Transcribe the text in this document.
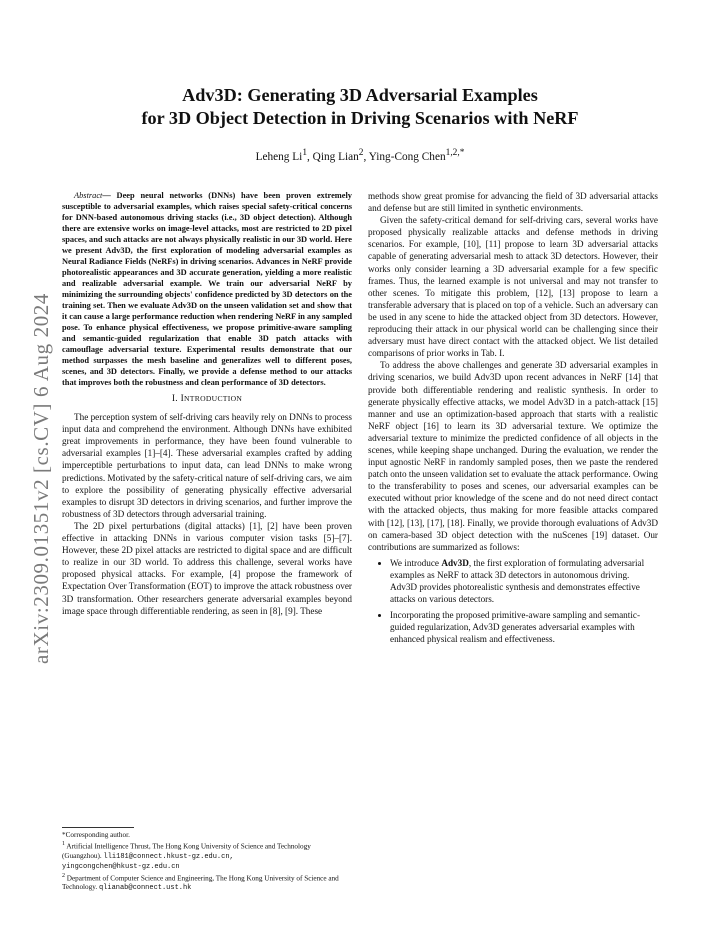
arXiv:2309.01351v2 [cs.CV] 6 Aug 2024
Adv3D: Generating 3D Adversarial Examples
for 3D Object Detection in Driving Scenarios with NeRF
Leheng Li$^1$, Qing Lian$^2$, Ying-Cong Chen$^{1,2,*}$

Abstract— Deep neural networks (DNNs) have been proven extremely susceptible to adversarial examples, which raises special safety-critical concerns for DNN-based autonomous driving stacks (i.e., 3D object detection). Although there are extensive works on image-level attacks, most are restricted to 2D pixel spaces, and such attacks are not always physically realistic in our 3D world. Here we present Adv3D, the first exploration of modeling adversarial examples as Neural Radiance Fields (NeRFs) in driving scenarios. Advances in NeRF provide photorealistic appearances and 3D accurate generation, yielding a more realistic and realizable adversarial example. We train our adversarial NeRF by minimizing the surrounding objects' confidence predicted by 3D detectors on the training set. Then we evaluate Adv3D on the unseen validation set and show that it can cause a large performance reduction when rendering NeRF in any sampled pose. To enhance physical effectiveness, we propose primitive-aware sampling and semantic-guided regularization that enable 3D patch attacks with camouflage adversarial texture. Experimental results demonstrate that our method surpasses the mesh baseline and generalizes well to different poses, scenes, and 3D detectors. Finally, we provide a defense method to our attacks that improves both the robustness and clean performance of 3D detectors.

I. INTRODUCTION

The perception system of self-driving cars heavily rely on DNNs to process input data and comprehend the environment. Although DNNs have exhibited great improvements in performance, they have been found vulnerable to adversarial examples [1]–[4]. These adversarial examples crafted by adding imperceptible perturbations to input data, can lead DNNs to make wrong predictions. Motivated by the safety-critical nature of self-driving cars, we aim to explore the possibility of generating physically effective adversarial examples to disrupt 3D detectors in driving scenarios, and further improve the robustness of 3D detectors through adversarial training.

The 2D pixel perturbations (digital attacks) [1], [2] have been proven effective in attacking DNNs in various computer vision tasks [5]–[7]. However, these 2D pixel attacks are restricted to digital space and are difficult to realize in our 3D world. To address this challenge, several works have proposed physical attacks. For example, [4] propose the framework of Expectation Over Transformation (EOT) to improve the attack robustness over 3D transformation. Other researchers generate adversarial examples beyond image space through differentiable rendering, as seen in [8], [9]. These

*Corresponding author.
$^1$ Artificial Intelligence Thrust, The Hong Kong University of Science and Technology (Guangzhou). lli181@connect.hkust-gz.edu.cn,
yingcongchen@hkust-gz.edu.cn
$^2$ Department of Computer Science and Engineering, The Hong Kong University of Science and Technology. qlianab@connect.ust.hk

methods show great promise for advancing the field of 3D adversarial attacks and defense but are still limited in synthetic environments.

Given the safety-critical demand for self-driving cars, several works have proposed physically realizable attacks and defense methods in driving scenarios. For example, [10], [11] propose to learn 3D adversarial attacks capable of generating adversarial mesh to attack 3D detectors. However, their works only consider learning a 3D adversarial example for a few specific frames. Thus, the learned example is not universal and may not transfer to other scenes. To mitigate this problem, [12], [13] propose to learn a transferable adversary that is placed on top of a vehicle. Such an adversary can be used in any scene to hide the attacked object from 3D detectors. However, reproducing their attack in our physical world can be challenging since their adversary must have direct contact with the attacked object. We list detailed comparisons of prior works in Tab. I.

To address the above challenges and generate 3D adversarial examples in driving scenarios, we build Adv3D upon recent advances in NeRF [14] that provide both differentiable rendering and realistic synthesis. In order to generate physically effective attacks, we model Adv3D in a patch-attack [15] manner and use an optimization-based approach that starts with a realistic NeRF object [16] to learn its 3D adversarial texture. We optimize the adversarial texture to minimize the predicted confidence of all objects in the scenes, while keeping shape unchanged. During the evaluation, we render the input agnostic NeRF in randomly sampled poses, then we paste the rendered patch onto the unseen validation set to evaluate the attack performance. Owing to the transferability to poses and scenes, our adversarial examples can be executed without prior knowledge of the scene and do not need direct contact with the attacked objects, thus making for more feasible attacks compared with [12], [13], [17], [18]. Finally, we provide thorough evaluations of Adv3D on camera-based 3D object detection with the nuScenes [19] dataset. Our contributions are summarized as follows:

• We introduce Adv3D, the first exploration of formulating adversarial examples as NeRF to attack 3D detectors in autonomous driving. Adv3D provides photorealistic synthesis and demonstrates effective attacks on various detectors.
• Incorporating the proposed primitive-aware sampling and semantic-guided regularization, Adv3D generates adversarial examples with enhanced physical realism and effectiveness.
